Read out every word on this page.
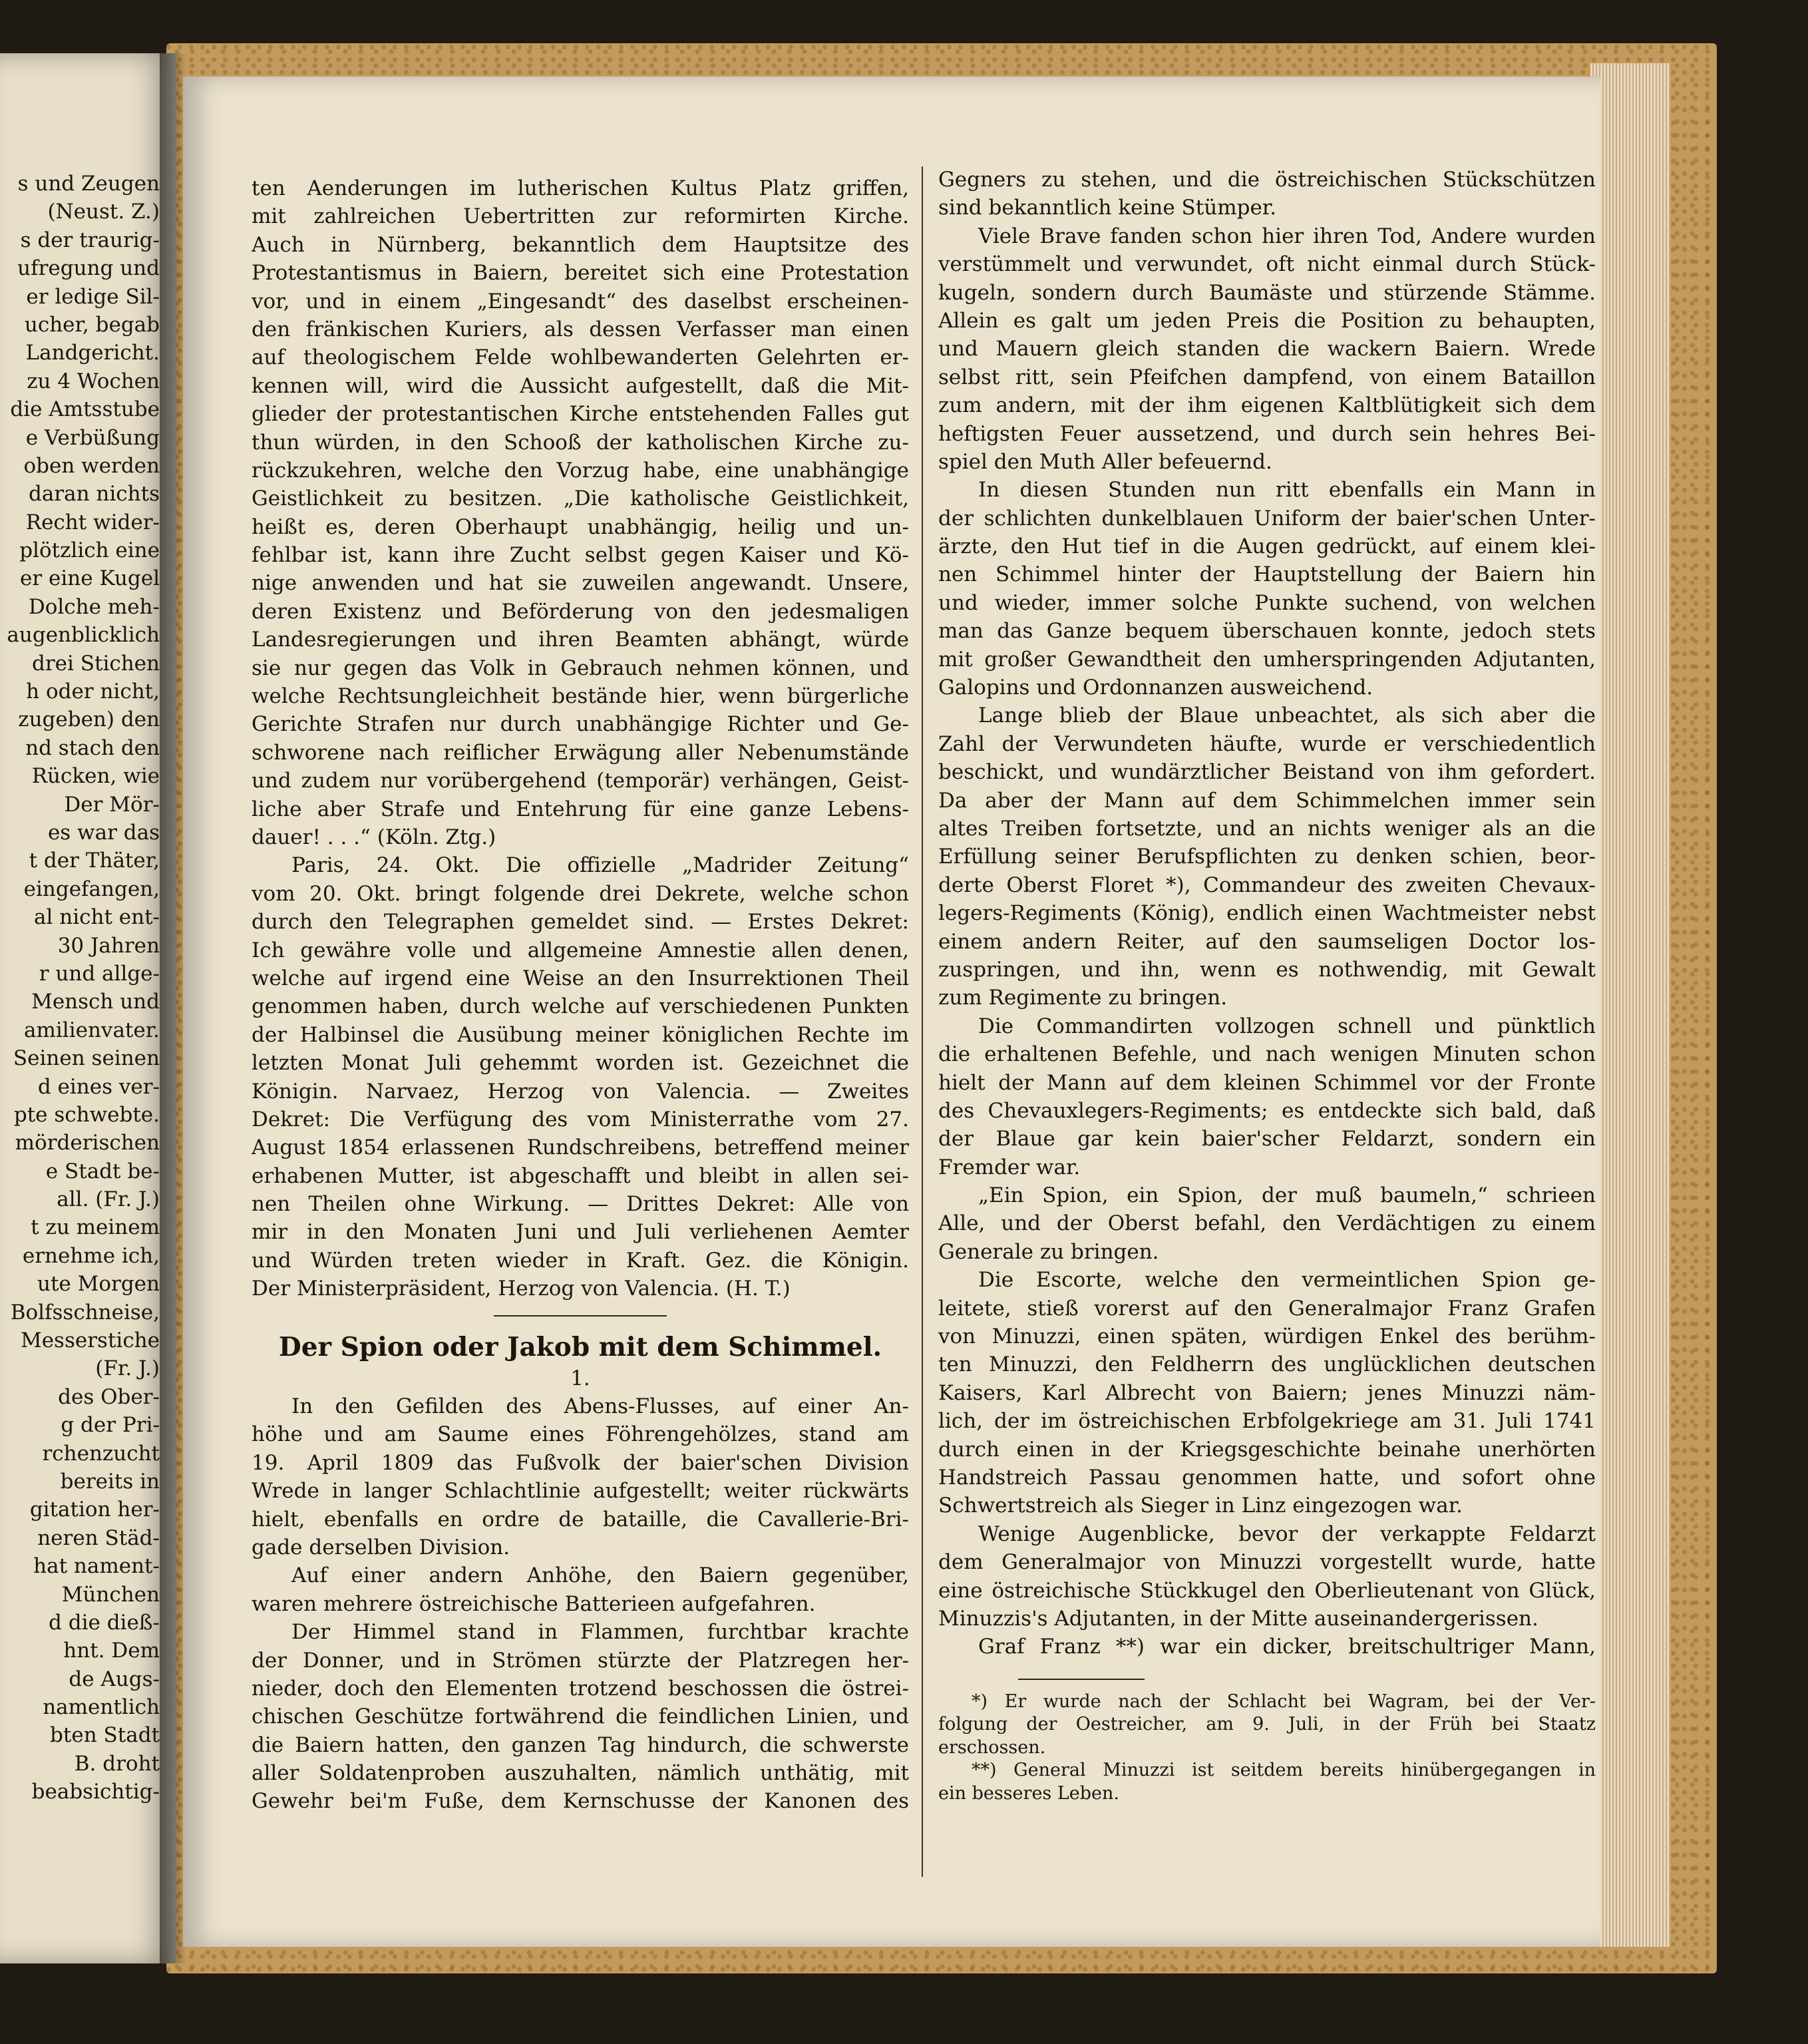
s und Zeugen
(Neust. Z.)
s der traurig-
ufregung und
er ledige Sil-
ucher, begab
Landgericht.
zu 4 Wochen
die Amtsstube
e Verbüßung
oben werden
daran nichts
Recht wider-
plötzlich eine
er eine Kugel
Dolche meh-
augenblicklich
drei Stichen
h oder nicht,
zugeben) den
nd stach den
Rücken, wie
Der Mör-
es war das
t der Thäter,
eingefangen,
al nicht ent-
30 Jahren
r und allge-
Mensch und
amilienvater.
Seinen seinen
d eines ver-
pte schwebte.
mörderischen
e Stadt be-
all. (Fr. J.)
t zu meinem
ernehme ich,
ute Morgen
Bolfsschneise,
Messerstiche
(Fr. J.)
des Ober-
g der Pri-
rchenzucht
bereits in
gitation her-
neren Städ-
hat nament-
München
d die dieß-
hnt. Dem
de Augs-
namentlich
bten Stadt
B. droht
beabsichtig-
ten Aenderungen im lutherischen Kultus Platz griffen,
mit zahlreichen Uebertritten zur reformirten Kirche.
Auch in Nürnberg, bekanntlich dem Hauptsitze des
Protestantismus in Baiern, bereitet sich eine Protestation
vor, und in einem „Eingesandt“ des daselbst erscheinen-
den fränkischen Kuriers, als dessen Verfasser man einen
auf theologischem Felde wohlbewanderten Gelehrten er-
kennen will, wird die Aussicht aufgestellt, daß die Mit-
glieder der protestantischen Kirche entstehenden Falles gut
thun würden, in den Schooß der katholischen Kirche zu-
rückzukehren, welche den Vorzug habe, eine unabhängige
Geistlichkeit zu besitzen. „Die katholische Geistlichkeit,
heißt es, deren Oberhaupt unabhängig, heilig und un-
fehlbar ist, kann ihre Zucht selbst gegen Kaiser und Kö-
nige anwenden und hat sie zuweilen angewandt. Unsere,
deren Existenz und Beförderung von den jedesmaligen
Landesregierungen und ihren Beamten abhängt, würde
sie nur gegen das Volk in Gebrauch nehmen können, und
welche Rechtsungleichheit bestände hier, wenn bürgerliche
Gerichte Strafen nur durch unabhängige Richter und Ge-
schworene nach reiflicher Erwägung aller Nebenumstände
und zudem nur vorübergehend (temporär) verhängen, Geist-
liche aber Strafe und Entehrung für eine ganze Lebens-
dauer! . . .“ (Köln. Ztg.)
Paris, 24. Okt. Die offizielle „Madrider Zeitung“
vom 20. Okt. bringt folgende drei Dekrete, welche schon
durch den Telegraphen gemeldet sind. — Erstes Dekret:
Ich gewähre volle und allgemeine Amnestie allen denen,
welche auf irgend eine Weise an den Insurrektionen Theil
genommen haben, durch welche auf verschiedenen Punkten
der Halbinsel die Ausübung meiner königlichen Rechte im
letzten Monat Juli gehemmt worden ist. Gezeichnet die
Königin. Narvaez, Herzog von Valencia. — Zweites
Dekret: Die Verfügung des vom Ministerrathe vom 27.
August 1854 erlassenen Rundschreibens, betreffend meiner
erhabenen Mutter, ist abgeschafft und bleibt in allen sei-
nen Theilen ohne Wirkung. — Drittes Dekret: Alle von
mir in den Monaten Juni und Juli verliehenen Aemter
und Würden treten wieder in Kraft. Gez. die Königin.
Der Ministerpräsident, Herzog von Valencia. (H. T.)
Der Spion oder Jakob mit dem Schimmel.
1.
In den Gefilden des Abens-Flusses, auf einer An-
höhe und am Saume eines Föhrengehölzes, stand am
19. April 1809 das Fußvolk der baier'schen Division
Wrede in langer Schlachtlinie aufgestellt; weiter rückwärts
hielt, ebenfalls en ordre de bataille, die Cavallerie-Bri-
gade derselben Division.
Auf einer andern Anhöhe, den Baiern gegenüber,
waren mehrere östreichische Batterieen aufgefahren.
Der Himmel stand in Flammen, furchtbar krachte
der Donner, und in Strömen stürzte der Platzregen her-
nieder, doch den Elementen trotzend beschossen die östrei-
chischen Geschütze fortwährend die feindlichen Linien, und
die Baiern hatten, den ganzen Tag hindurch, die schwerste
aller Soldatenproben auszuhalten, nämlich unthätig, mit
Gewehr bei'm Fuße, dem Kernschusse der Kanonen des
Gegners zu stehen, und die östreichischen Stückschützen
sind bekanntlich keine Stümper.
Viele Brave fanden schon hier ihren Tod, Andere wurden
verstümmelt und verwundet, oft nicht einmal durch Stück-
kugeln, sondern durch Baumäste und stürzende Stämme.
Allein es galt um jeden Preis die Position zu behaupten,
und Mauern gleich standen die wackern Baiern. Wrede
selbst ritt, sein Pfeifchen dampfend, von einem Bataillon
zum andern, mit der ihm eigenen Kaltblütigkeit sich dem
heftigsten Feuer aussetzend, und durch sein hehres Bei-
spiel den Muth Aller befeuernd.
In diesen Stunden nun ritt ebenfalls ein Mann in
der schlichten dunkelblauen Uniform der baier'schen Unter-
ärzte, den Hut tief in die Augen gedrückt, auf einem klei-
nen Schimmel hinter der Hauptstellung der Baiern hin
und wieder, immer solche Punkte suchend, von welchen
man das Ganze bequem überschauen konnte, jedoch stets
mit großer Gewandtheit den umherspringenden Adjutanten,
Galopins und Ordonnanzen ausweichend.
Lange blieb der Blaue unbeachtet, als sich aber die
Zahl der Verwundeten häufte, wurde er verschiedentlich
beschickt, und wundärztlicher Beistand von ihm gefordert.
Da aber der Mann auf dem Schimmelchen immer sein
altes Treiben fortsetzte, und an nichts weniger als an die
Erfüllung seiner Berufspflichten zu denken schien, beor-
derte Oberst Floret *), Commandeur des zweiten Chevaux-
legers-Regiments (König), endlich einen Wachtmeister nebst
einem andern Reiter, auf den saumseligen Doctor los-
zuspringen, und ihn, wenn es nothwendig, mit Gewalt
zum Regimente zu bringen.
Die Commandirten vollzogen schnell und pünktlich
die erhaltenen Befehle, und nach wenigen Minuten schon
hielt der Mann auf dem kleinen Schimmel vor der Fronte
des Chevauxlegers-Regiments; es entdeckte sich bald, daß
der Blaue gar kein baier'scher Feldarzt, sondern ein
Fremder war.
„Ein Spion, ein Spion, der muß baumeln,“ schrieen
Alle, und der Oberst befahl, den Verdächtigen zu einem
Generale zu bringen.
Die Escorte, welche den vermeintlichen Spion ge-
leitete, stieß vorerst auf den Generalmajor Franz Grafen
von Minuzzi, einen späten, würdigen Enkel des berühm-
ten Minuzzi, den Feldherrn des unglücklichen deutschen
Kaisers, Karl Albrecht von Baiern; jenes Minuzzi näm-
lich, der im östreichischen Erbfolgekriege am 31. Juli 1741
durch einen in der Kriegsgeschichte beinahe unerhörten
Handstreich Passau genommen hatte, und sofort ohne
Schwertstreich als Sieger in Linz eingezogen war.
Wenige Augenblicke, bevor der verkappte Feldarzt
dem Generalmajor von Minuzzi vorgestellt wurde, hatte
eine östreichische Stückkugel den Oberlieutenant von Glück,
Minuzzis's Adjutanten, in der Mitte auseinandergerissen.
Graf Franz **) war ein dicker, breitschultriger Mann,
*) Er wurde nach der Schlacht bei Wagram, bei der Ver-
folgung der Oestreicher, am 9. Juli, in der Früh bei Staatz
erschossen.
**) General Minuzzi ist seitdem bereits hinübergegangen in
ein besseres Leben.
